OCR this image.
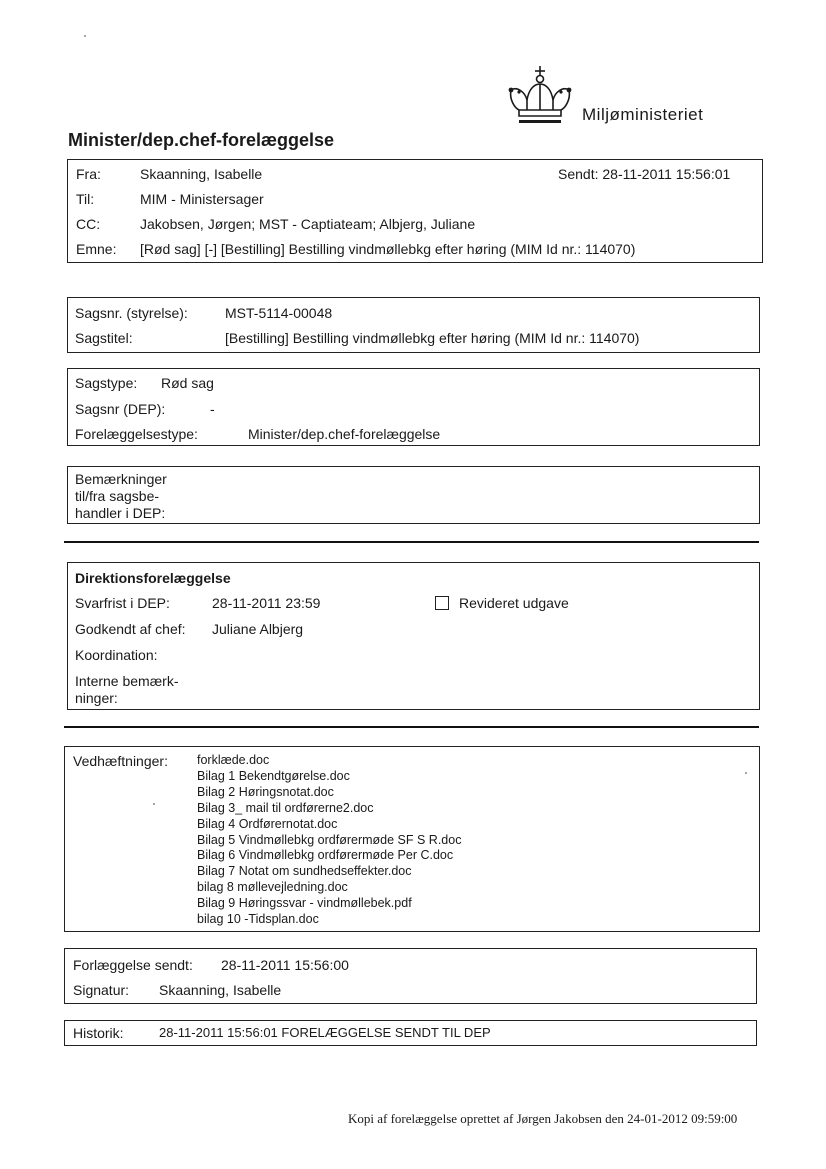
Miljøministeriet
Minister/dep.chef-forelæggelse
Fra:	Skaanning, Isabelle	Sendt: 28-11-2011 15:56:01
Til:	MIM - Ministersager
CC:	Jakobsen, Jørgen; MST - Captiateam; Albjerg, Juliane
Emne: [Rød sag] [-] [Bestilling] Bestilling vindmøllebkg efter høring (MIM Id nr.: 114070)
Sagsnr. (styrelse):	MST-5114-00048
Sagstitel:	[Bestilling] Bestilling vindmøllebkg efter høring (MIM Id nr.: 114070)
Sagstype: Rød sag
Sagsnr (DEP):	-
Forelæggelsestype:	Minister/dep.chef-forelæggelse
Bemærkninger
til/fra sagsbe-
handler i DEP:
Direktionsforelæggelse
Svarfrist i DEP:	28-11-2011 23:59	Revideret udgave
Godkendt af chef: Juliane Albjerg
Koordination:
Interne bemærk-
ninger:
Vedhæftninger: forklæde.doc
Bilag 1 Bekendtgørelse.doc
Bilag 2 Høringsnotat.doc
Bilag 3_ mail til ordførerne2.doc
Bilag 4 Ordførernotat.doc
Bilag 5 Vindmøllebkg ordførermøde SF S R.doc
Bilag 6 Vindmøllebkg ordførermøde Per C.doc
Bilag 7 Notat om sundhedseffekter.doc
bilag 8 møllevejledning.doc
Bilag 9 Høringssvar - vindmøllebek.pdf
bilag 10 -Tidsplan.doc
Forlæggelse sendt: 28-11-2011 15:56:00
Signatur: Skaanning, Isabelle
Historik:	28-11-2011 15:56:01 FORELÆGGELSE SENDT TIL DEP
Kopi af forelæggelse oprettet af Jørgen Jakobsen den 24-01-2012 09:59:00
